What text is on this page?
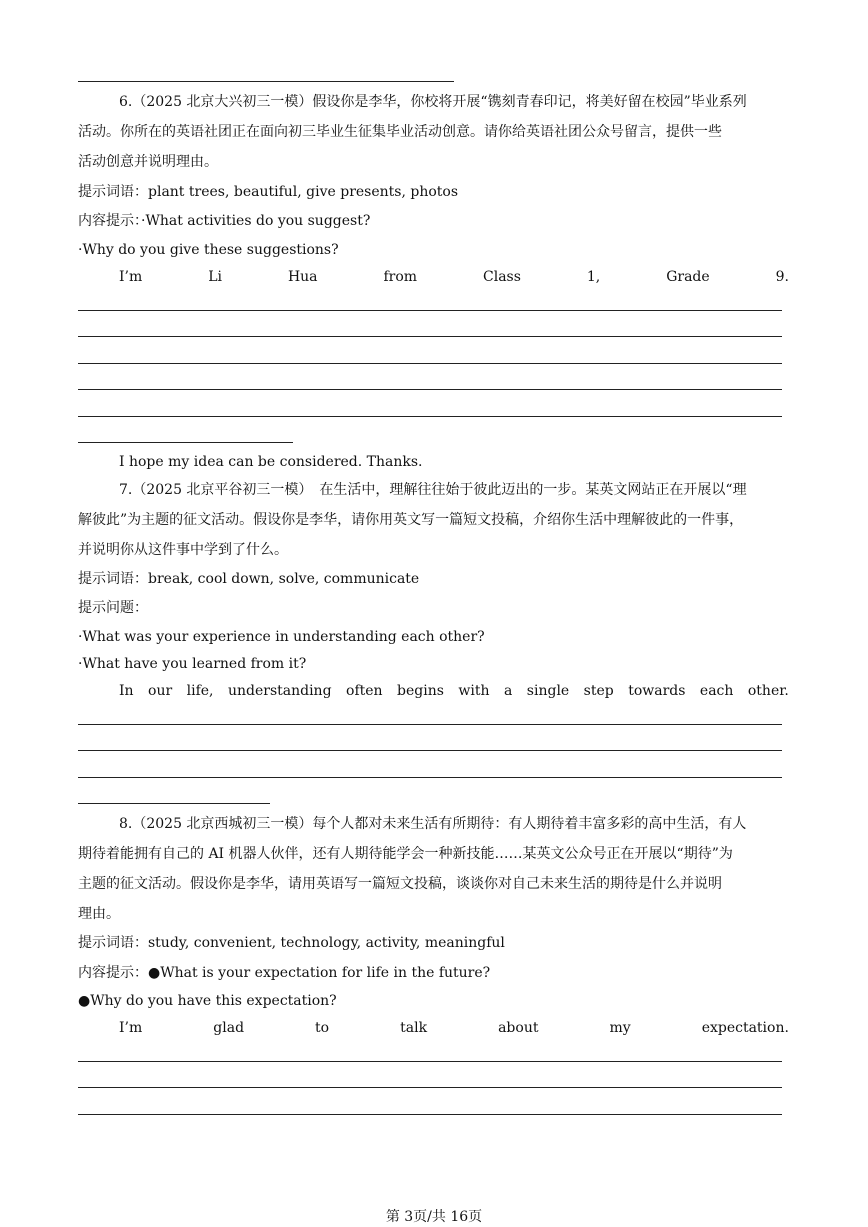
6.（2025 北京大兴初三一模）假设你是李华，你校将开展“镌刻青春印记，将美好留在校园”毕业系列
活动。你所在的英语社团正在面向初三毕业生征集毕业活动创意。请你给英语社团公众号留言，提供一些
活动创意并说明理由。
提示词语：plant trees, beautiful, give presents, photos
内容提示：·What activities do you suggest?
·Why do you give these suggestions?
I’m	Li	Hua	from	Class	1,	Grade	9.
I hope my idea can be considered. Thanks.
7.（2025 北京平谷初三一模）　在生活中，理解往往始于彼此迈出的一步。某英文网站正在开展以“理
解彼此”为主题的征文活动。假设你是李华，请你用英文写一篇短文投稿，介绍你生活中理解彼此的一件事，
并说明你从这件事中学到了什么。
提示词语：break, cool down, solve, communicate
提示问题：
·What was your experience in understanding each other?
·What have you learned from it?
In our life, understanding often begins with a single step towards each other.
8.（2025 北京西城初三一模）每个人都对未来生活有所期待：有人期待着丰富多彩的高中生活，有人
期待着能拥有自己的 AI 机器人伙伴，还有人期待能学会一种新技能……某英文公众号正在开展以“期待”为
主题的征文活动。假设你是李华，请用英语写一篇短文投稿，谈谈你对自己未来生活的期待是什么并说明
理由。
提示词语：study, convenient, technology, activity, meaningful
内容提示：●What is your expectation for life in the future?
●Why do you have this expectation?
I’m	glad	to	talk	about	my	expectation.
第 3页/共 16页
